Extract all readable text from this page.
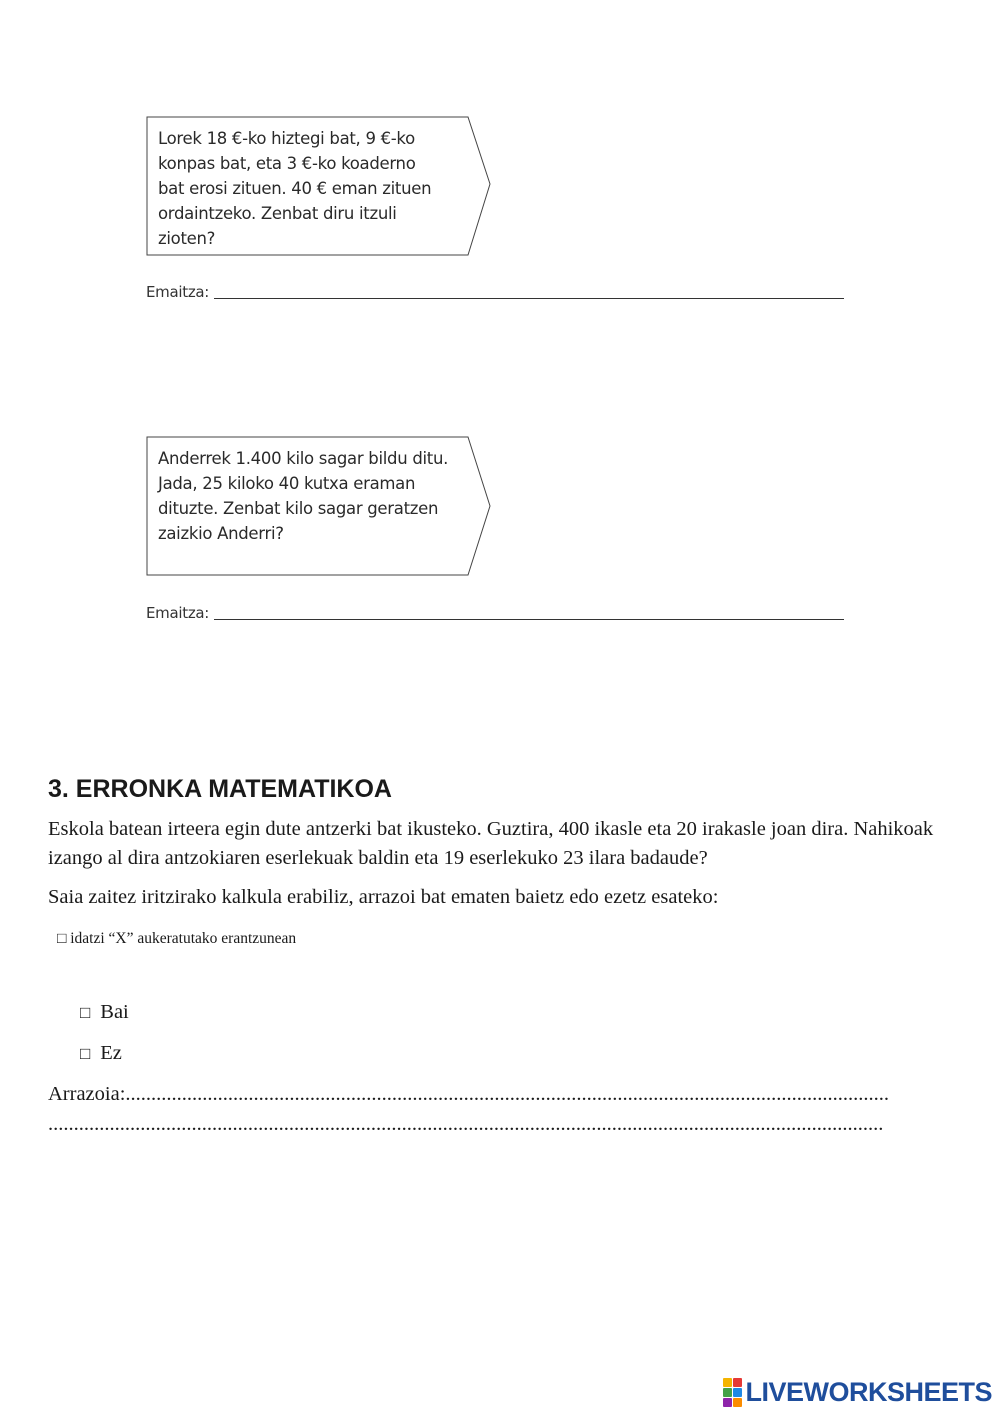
Lorek 18 €-ko hiztegi bat, 9 €-ko
konpas bat, eta 3 €-ko koaderno
bat erosi zituen. 40 € eman zituen
ordaintzeko. Zenbat diru itzuli zioten?
Emaitza:
Anderrek 1.400 kilo sagar bildu ditu.
Jada, 25 kiloko 40 kutxa eraman
dituzte. Zenbat kilo sagar geratzen
zaizkio Anderri?
Emaitza:
3. ERRONKA MATEMATIKOA
Eskola batean irteera egin dute antzerki bat ikusteko. Guztira, 400 ikasle eta 20 irakasle joan dira. Nahikoak izango al dira antzokiaren eserlekuak baldin eta 19 eserlekuko 23 ilara badaude?
Saia zaitez iritzirako kalkula erabiliz, arrazoi bat ematen baietz edo ezetz esateko:
□ idatzi “X” aukeratutako erantzunean
□ Bai
□ Ez
Arrazoia:.....................................................................................................................................................
...................................................................................................................................................................
LIVEWORKSHEETS
